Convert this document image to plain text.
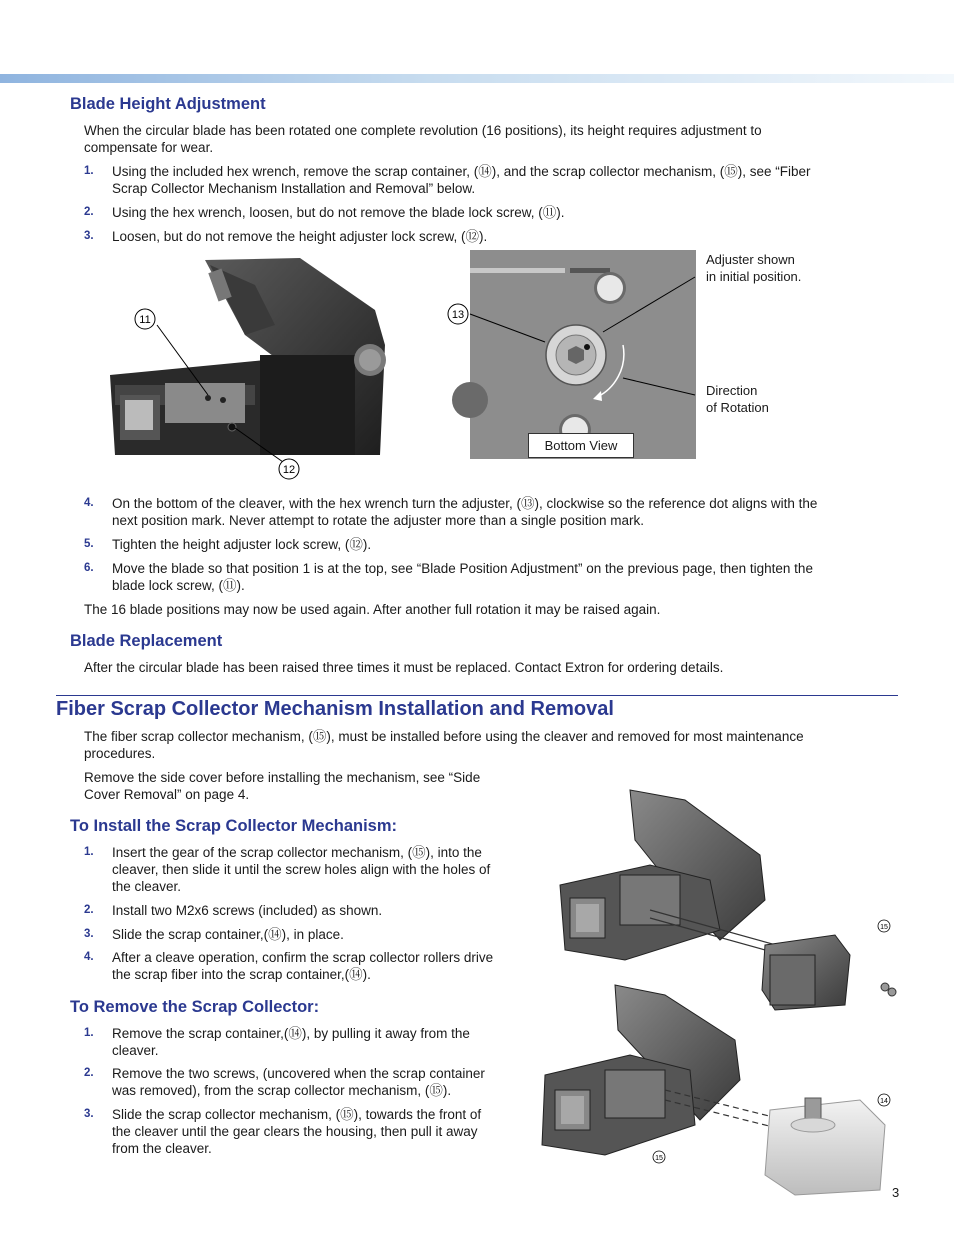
Blade Height Adjustment

When the circular blade has been rotated one complete revolution (16 positions), its height requires adjustment to

compensate for wear.

1. Using the included hex wrench, remove the scrap container, (⑭), and the scrap collector mechanism, (⑮), see “Fiber
Scrap Collector Mechanism Installation and Removal” below.
2. Using the hex wrench, loosen, but do not remove the blade lock screw, (⑪).
3. Loosen, but do not remove the height adjuster lock screw, (⑫).
11
12
13
Bottom View
Adjuster shown
in initial position.
Direction
of Rotation
4. On the bottom of the cleaver, with the hex wrench turn the adjuster, (⑬), clockwise so the reference dot aligns with the
next position mark. Never attempt to rotate the adjuster more than a single position mark.
5. Tighten the height adjuster lock screw, (⑫).
6. Move the blade so that position 1 is at the top, see “Blade Position Adjustment” on the previous page, then tighten the
blade lock screw, (⑪).

The 16 blade positions may now be used again. After another full rotation it may be raised again.

Blade Replacement

After the circular blade has been raised three times it must be replaced. Contact Extron for ordering details.

Fiber Scrap Collector Mechanism Installation and Removal

The fiber scrap collector mechanism, (⑮), must be installed before using the cleaver and removed for most maintenance

procedures.

Remove the side cover before installing the mechanism, see “Side

Cover Removal” on page 4.

To Install the Scrap Collector Mechanism:
1. Insert the gear of the scrap collector mechanism, (⑮), into the
cleaver, then slide it until the screw holes align with the holes of
the cleaver.
2. Install two M2x6 screws (included) as shown.
3. Slide the scrap container,(⑭), in place.
4. After a cleave operation, confirm the scrap collector rollers drive
the scrap fiber into the scrap container,(⑭).
To Remove the Scrap Collector:
1. Remove the scrap container,(⑭), by pulling it away from the
cleaver.
2. Remove the two screws, (uncovered when the scrap container
was removed), from the scrap collector mechanism, (⑮).
3. Slide the scrap collector mechanism, (⑮), towards the front of
the cleaver until the gear clears the housing, then pull it away
from the cleaver.
15
14
15
3
